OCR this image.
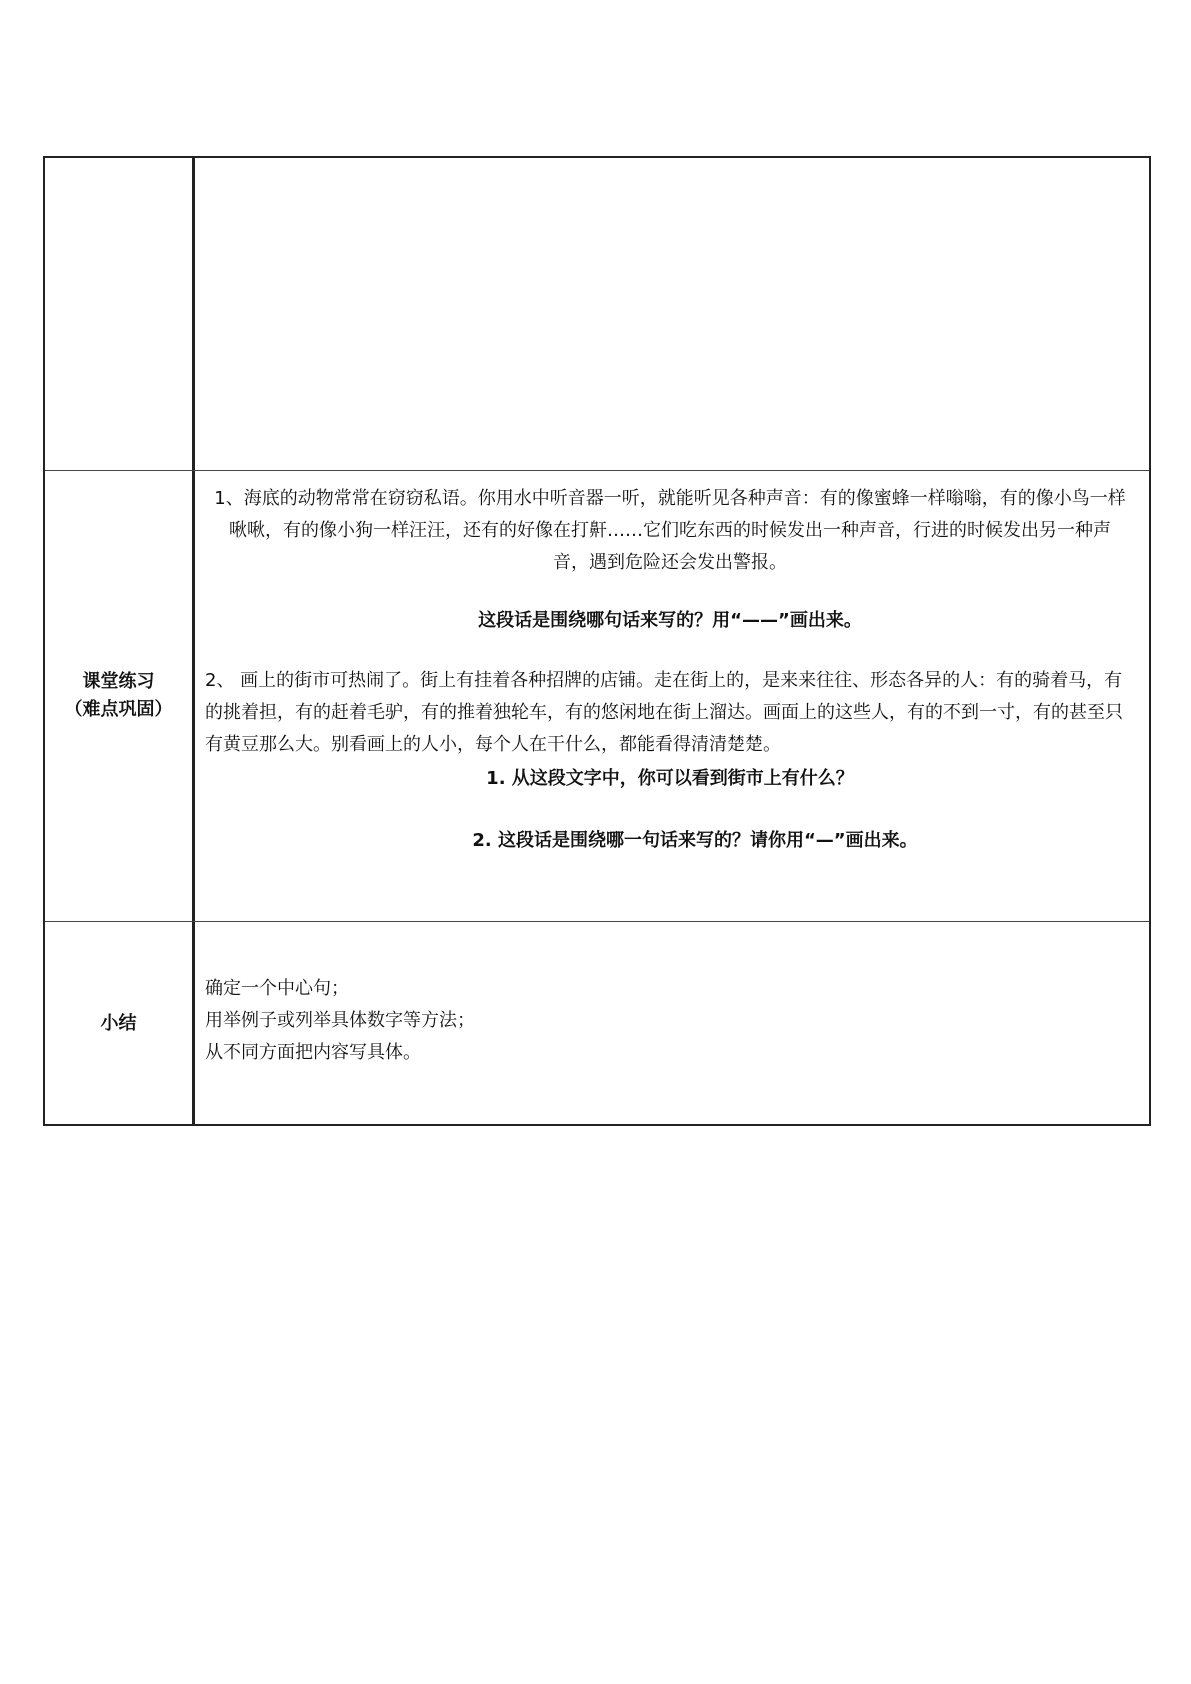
课堂练习
（难点巩固）

1、海底的动物常常在窃窃私语。你用水中听音器一听，就能听见各种声音：有的像蜜蜂一样嗡嗡，有的像小鸟一样啾啾，有的像小狗一样汪汪，还有的好像在打鼾……它们吃东西的时候发出一种声音，行进的时候发出另一种声音，遇到危险还会发出警报。

这段话是围绕哪句话来写的？用“——”画出来。

2、 画上的街市可热闹了。街上有挂着各种招牌的店铺。走在街上的，是来来往往、形态各异的人：有的骑着马，有的挑着担，有的赶着毛驴，有的推着独轮车，有的悠闲地在街上溜达。画面上的这些人，有的不到一寸，有的甚至只有黄豆那么大。别看画上的人小，每个人在干什么，都能看得清清楚楚。

1. 从这段文字中，你可以看到街市上有什么？
2. 这段话是围绕哪一句话来写的？请你用“—”画出来。
小结
确定一个中心句；
用举例子或列举具体数字等方法；
从不同方面把内容写具体。
